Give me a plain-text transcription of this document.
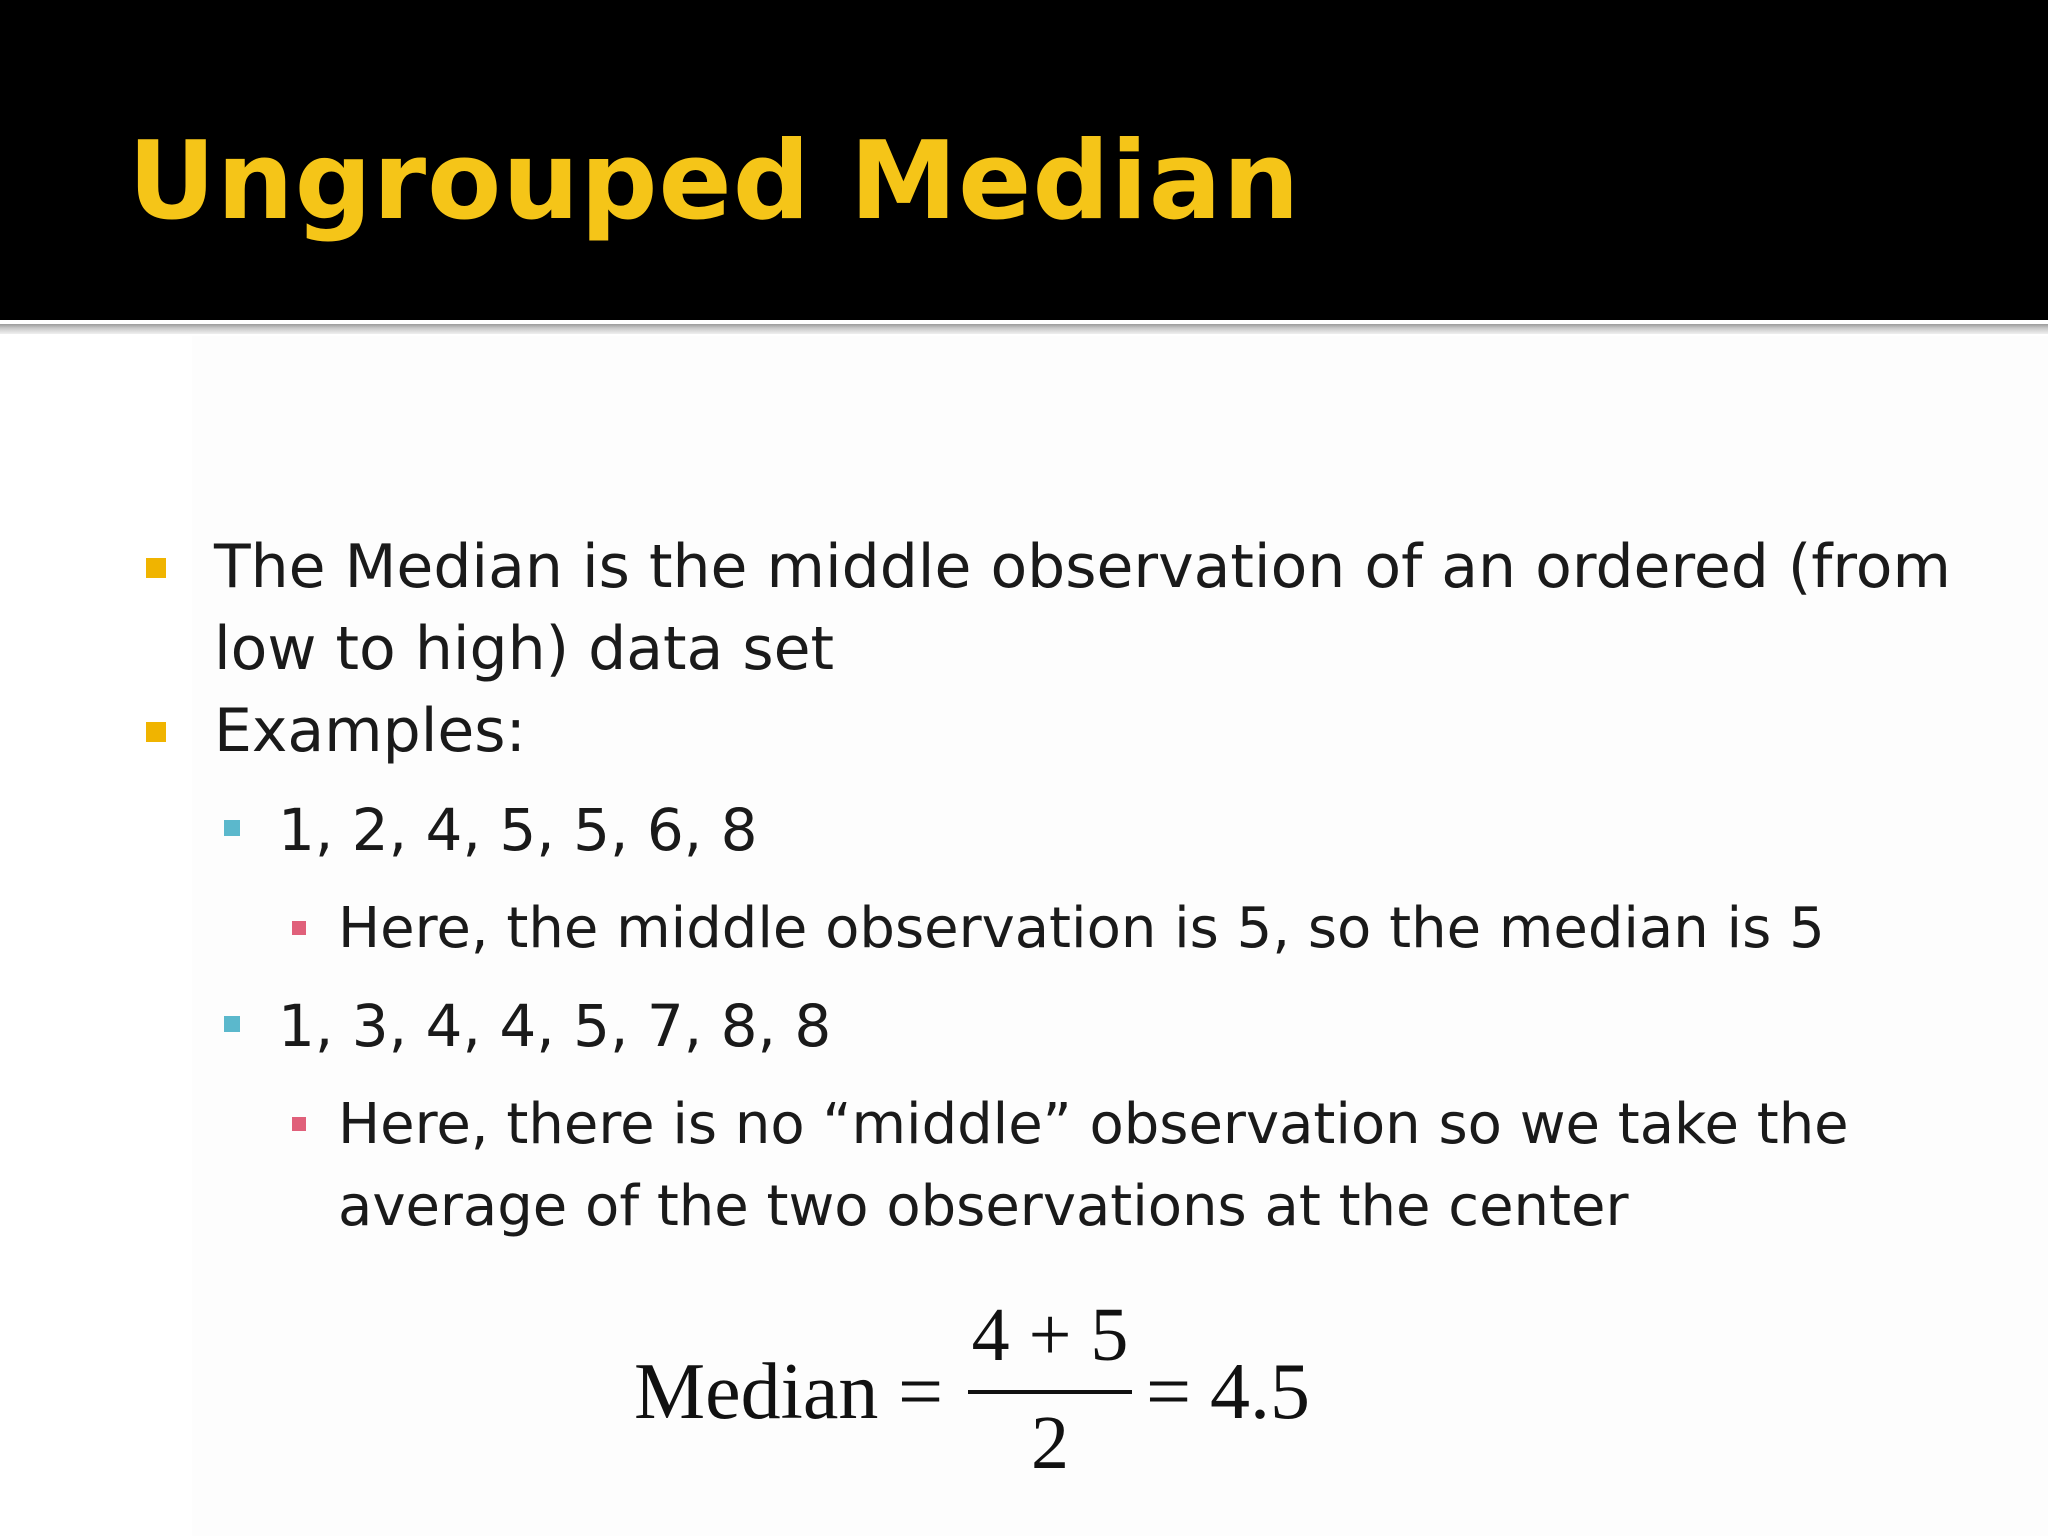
Ungrouped Median
The Median is the middle observation of an ordered (from
low to high) data set
Examples:
1, 2, 4, 5, 5, 6, 8
Here, the middle observation is 5, so the median is 5
1, 3, 4, 4, 5, 7, 8, 8
Here, there is no “middle” observation so we take the
average of the two observations at the center
Median =
4 + 5
2
= 4.5
